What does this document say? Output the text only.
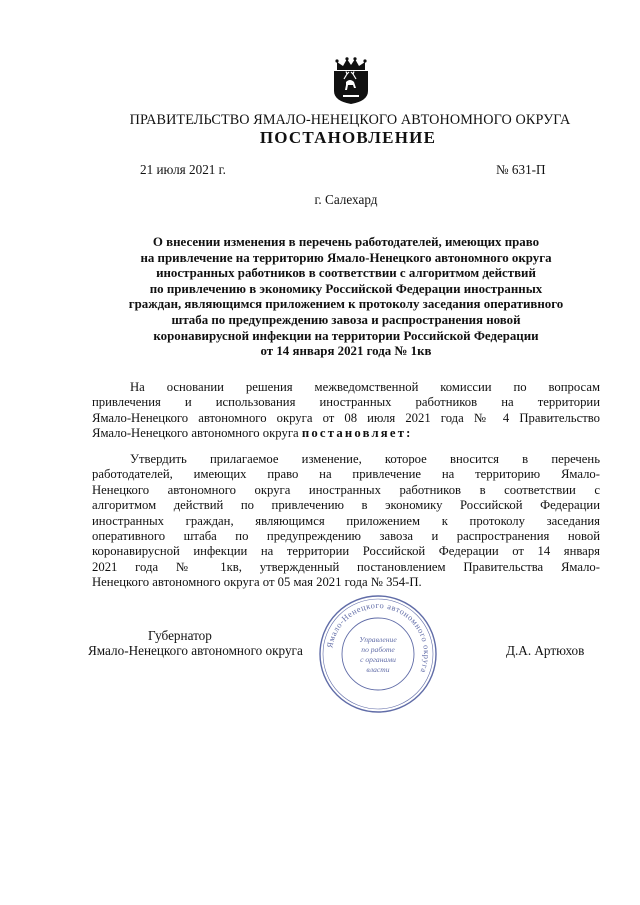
ПРАВИТЕЛЬСТВО ЯМАЛО-НЕНЕЦКОГО АВТОНОМНОГО ОКРУГА
ПОСТАНОВЛЕНИЕ
21 июля 2021 г.	№ 631-П
г. Салехард
О внесении изменения в перечень работодателей, имеющих право
на привлечение на территорию Ямало-Ненецкого автономного округа
иностранных работников в соответствии с алгоритмом действий
по привлечению в экономику Российской Федерации иностранных
граждан, являющимся приложением к протоколу заседания оперативного
штаба по предупреждению завоза и распространения новой
коронавирусной инфекции на территории Российской Федерации
от 14 января 2021 года № 1кв
На основании решения межведомственной комиссии по вопросам
привлечения и использования иностранных работников на территории
Ямало-Ненецкого автономного округа от 08 июля 2021 года № 4 Правительство
Ямало-Ненецкого автономного округа постановляет:
Утвердить прилагаемое изменение, которое вносится в перечень
работодателей, имеющих право на привлечение на территорию Ямало-
Ненецкого автономного округа иностранных работников в соответствии с
алгоритмом действий по привлечению в экономику Российской Федерации
иностранных граждан, являющимся приложением к протоколу заседания
оперативного штаба по предупреждению завоза и распространения новой
коронавирусной инфекции на территории Российской Федерации от 14 января
2021 года № 1кв, утвержденный постановлением Правительства Ямало-
Ненецкого автономного округа от 05 мая 2021 года № 354-П.
Губернатор
Ямало-Ненецкого автономного округа	Д.А. Артюхов
Ямало-Ненецкого автономного округа
Управление
по работе
с органами
власти
